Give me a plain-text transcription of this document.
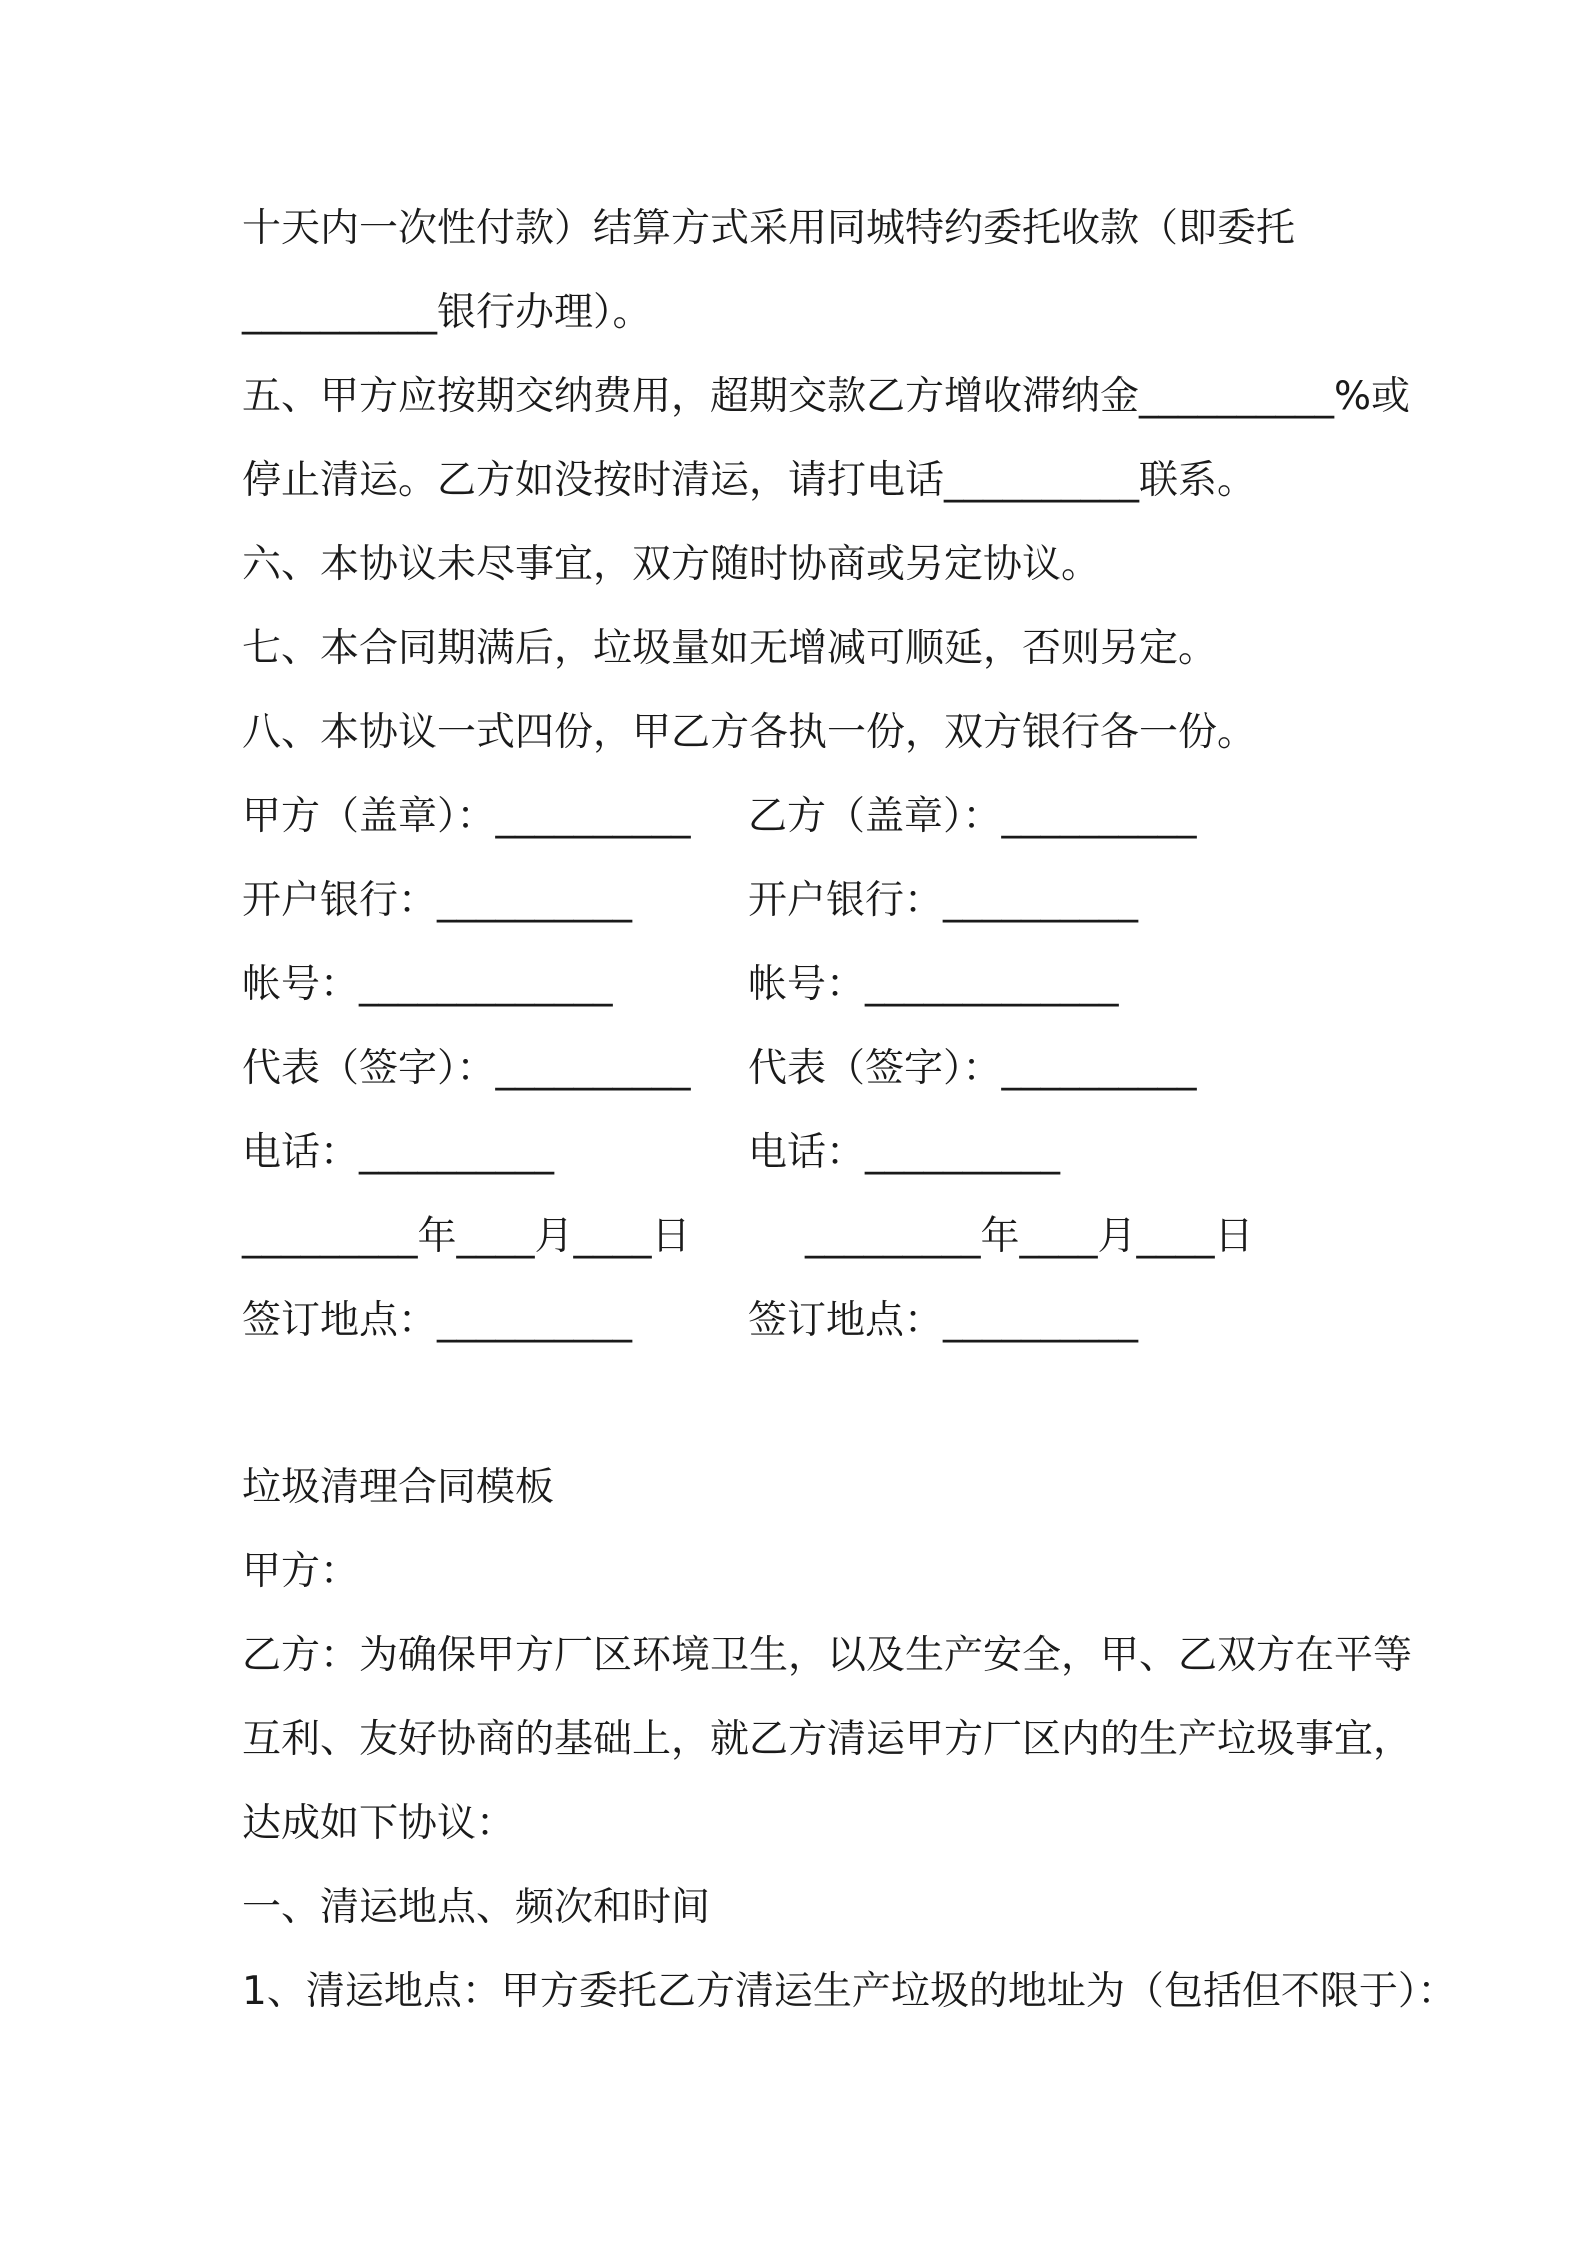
十天内一次性付款）结算方式采用同城特约委托收款（即委托
__________银行办理）。
五、甲方应按期交纳费用，超期交款乙方增收滞纳金__________%或
停止清运。乙方如没按时清运，请打电话__________联系。
六、本协议未尽事宜，双方随时协商或另定协议。
七、本合同期满后，垃圾量如无增减可顺延，否则另定。
八、本协议一式四份，甲乙方各执一份，双方银行各一份。
甲方（盖章）：__________ 乙方（盖章）：__________
开户银行：__________	开户银行：__________
帐号：_____________	帐号：_____________
代表（签字）：__________ 代表（签字）：__________
电话：__________	电话：__________
_________年____月____日	_________年____月____日
签订地点：__________	签订地点：__________
垃圾清理合同模板
甲方：
乙方：为确保甲方厂区环境卫生，以及生产安全，甲、乙双方在平等
互利、友好协商的基础上，就乙方清运甲方厂区内的生产垃圾事宜，
达成如下协议：
一、清运地点、频次和时间
1、清运地点：甲方委托乙方清运生产垃圾的地址为（包括但不限于）：
